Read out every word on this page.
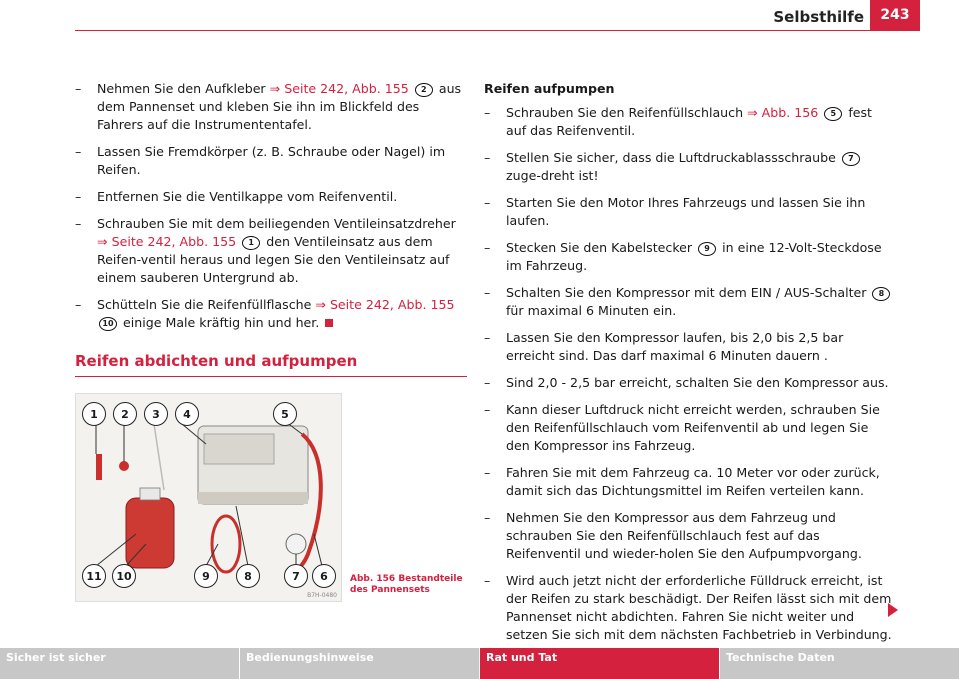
Selbsthilfe	243
– Nehmen Sie den Aufkleber ⇒ Seite 242, Abb. 155 2 aus dem Pannenset und kleben Sie ihn im Blickfeld des Fahrers auf die Instrumententafel.
– Lassen Sie Fremdkörper (z. B. Schraube oder Nagel) im Reifen.
– Entfernen Sie die Ventilkappe vom Reifenventil.
– Schrauben Sie mit dem beiliegenden Ventileinsatzdreher
⇒ Seite 242, Abb. 155 1 den Ventileinsatz aus dem Reifen-ventil heraus und legen Sie den Ventileinsatz auf einem sauberen Untergrund ab.
– Schütteln Sie die Reifenfüllflasche ⇒ Seite 242, Abb. 155 10 einige Male kräftig hin und her.
Reifen abdichten und aufpumpen
1	2	3	4	5
11	10	9	8	7	6
B7H-0480
Abb. 156 Bestandteile
des Pannensets
Reifen aufpumpen
– Schrauben Sie den Reifenfüllschlauch ⇒ Abb. 156 5 fest auf das Reifenventil.
– Stellen Sie sicher, dass die Luftdruckablassschraube 7 zuge-dreht ist!
– Starten Sie den Motor Ihres Fahrzeugs und lassen Sie ihn laufen.
– Stecken Sie den Kabelstecker 9 in eine 12-Volt-Steckdose im Fahrzeug.
– Schalten Sie den Kompressor mit dem EIN / AUS-Schalter 8 für maximal 6 Minuten ein.
– Lassen Sie den Kompressor laufen, bis 2,0 bis 2,5 bar erreicht sind. Das darf maximal 6 Minuten dauern .
– Sind 2,0 - 2,5 bar erreicht, schalten Sie den Kompressor aus.
– Kann dieser Luftdruck nicht erreicht werden, schrauben Sie den Reifenfüllschlauch vom Reifenventil ab und legen Sie den Kompressor ins Fahrzeug.
– Fahren Sie mit dem Fahrzeug ca. 10 Meter vor oder zurück, damit sich das Dichtungsmittel im Reifen verteilen kann.
– Nehmen Sie den Kompressor aus dem Fahrzeug und schrauben Sie den Reifenfüllschlauch fest auf das Reifenventil und wieder-holen Sie den Aufpumpvorgang.
– Wird auch jetzt nicht der erforderliche Fülldruck erreicht, ist der Reifen zu stark beschädigt. Der Reifen lässt sich mit dem Pannenset nicht abdichten. Fahren Sie nicht weiter und setzen Sie sich mit dem nächsten Fachbetrieb in Verbindung.
Sicher ist sicher	Bedienungshinweise	Rat und Tat	Technische Daten
